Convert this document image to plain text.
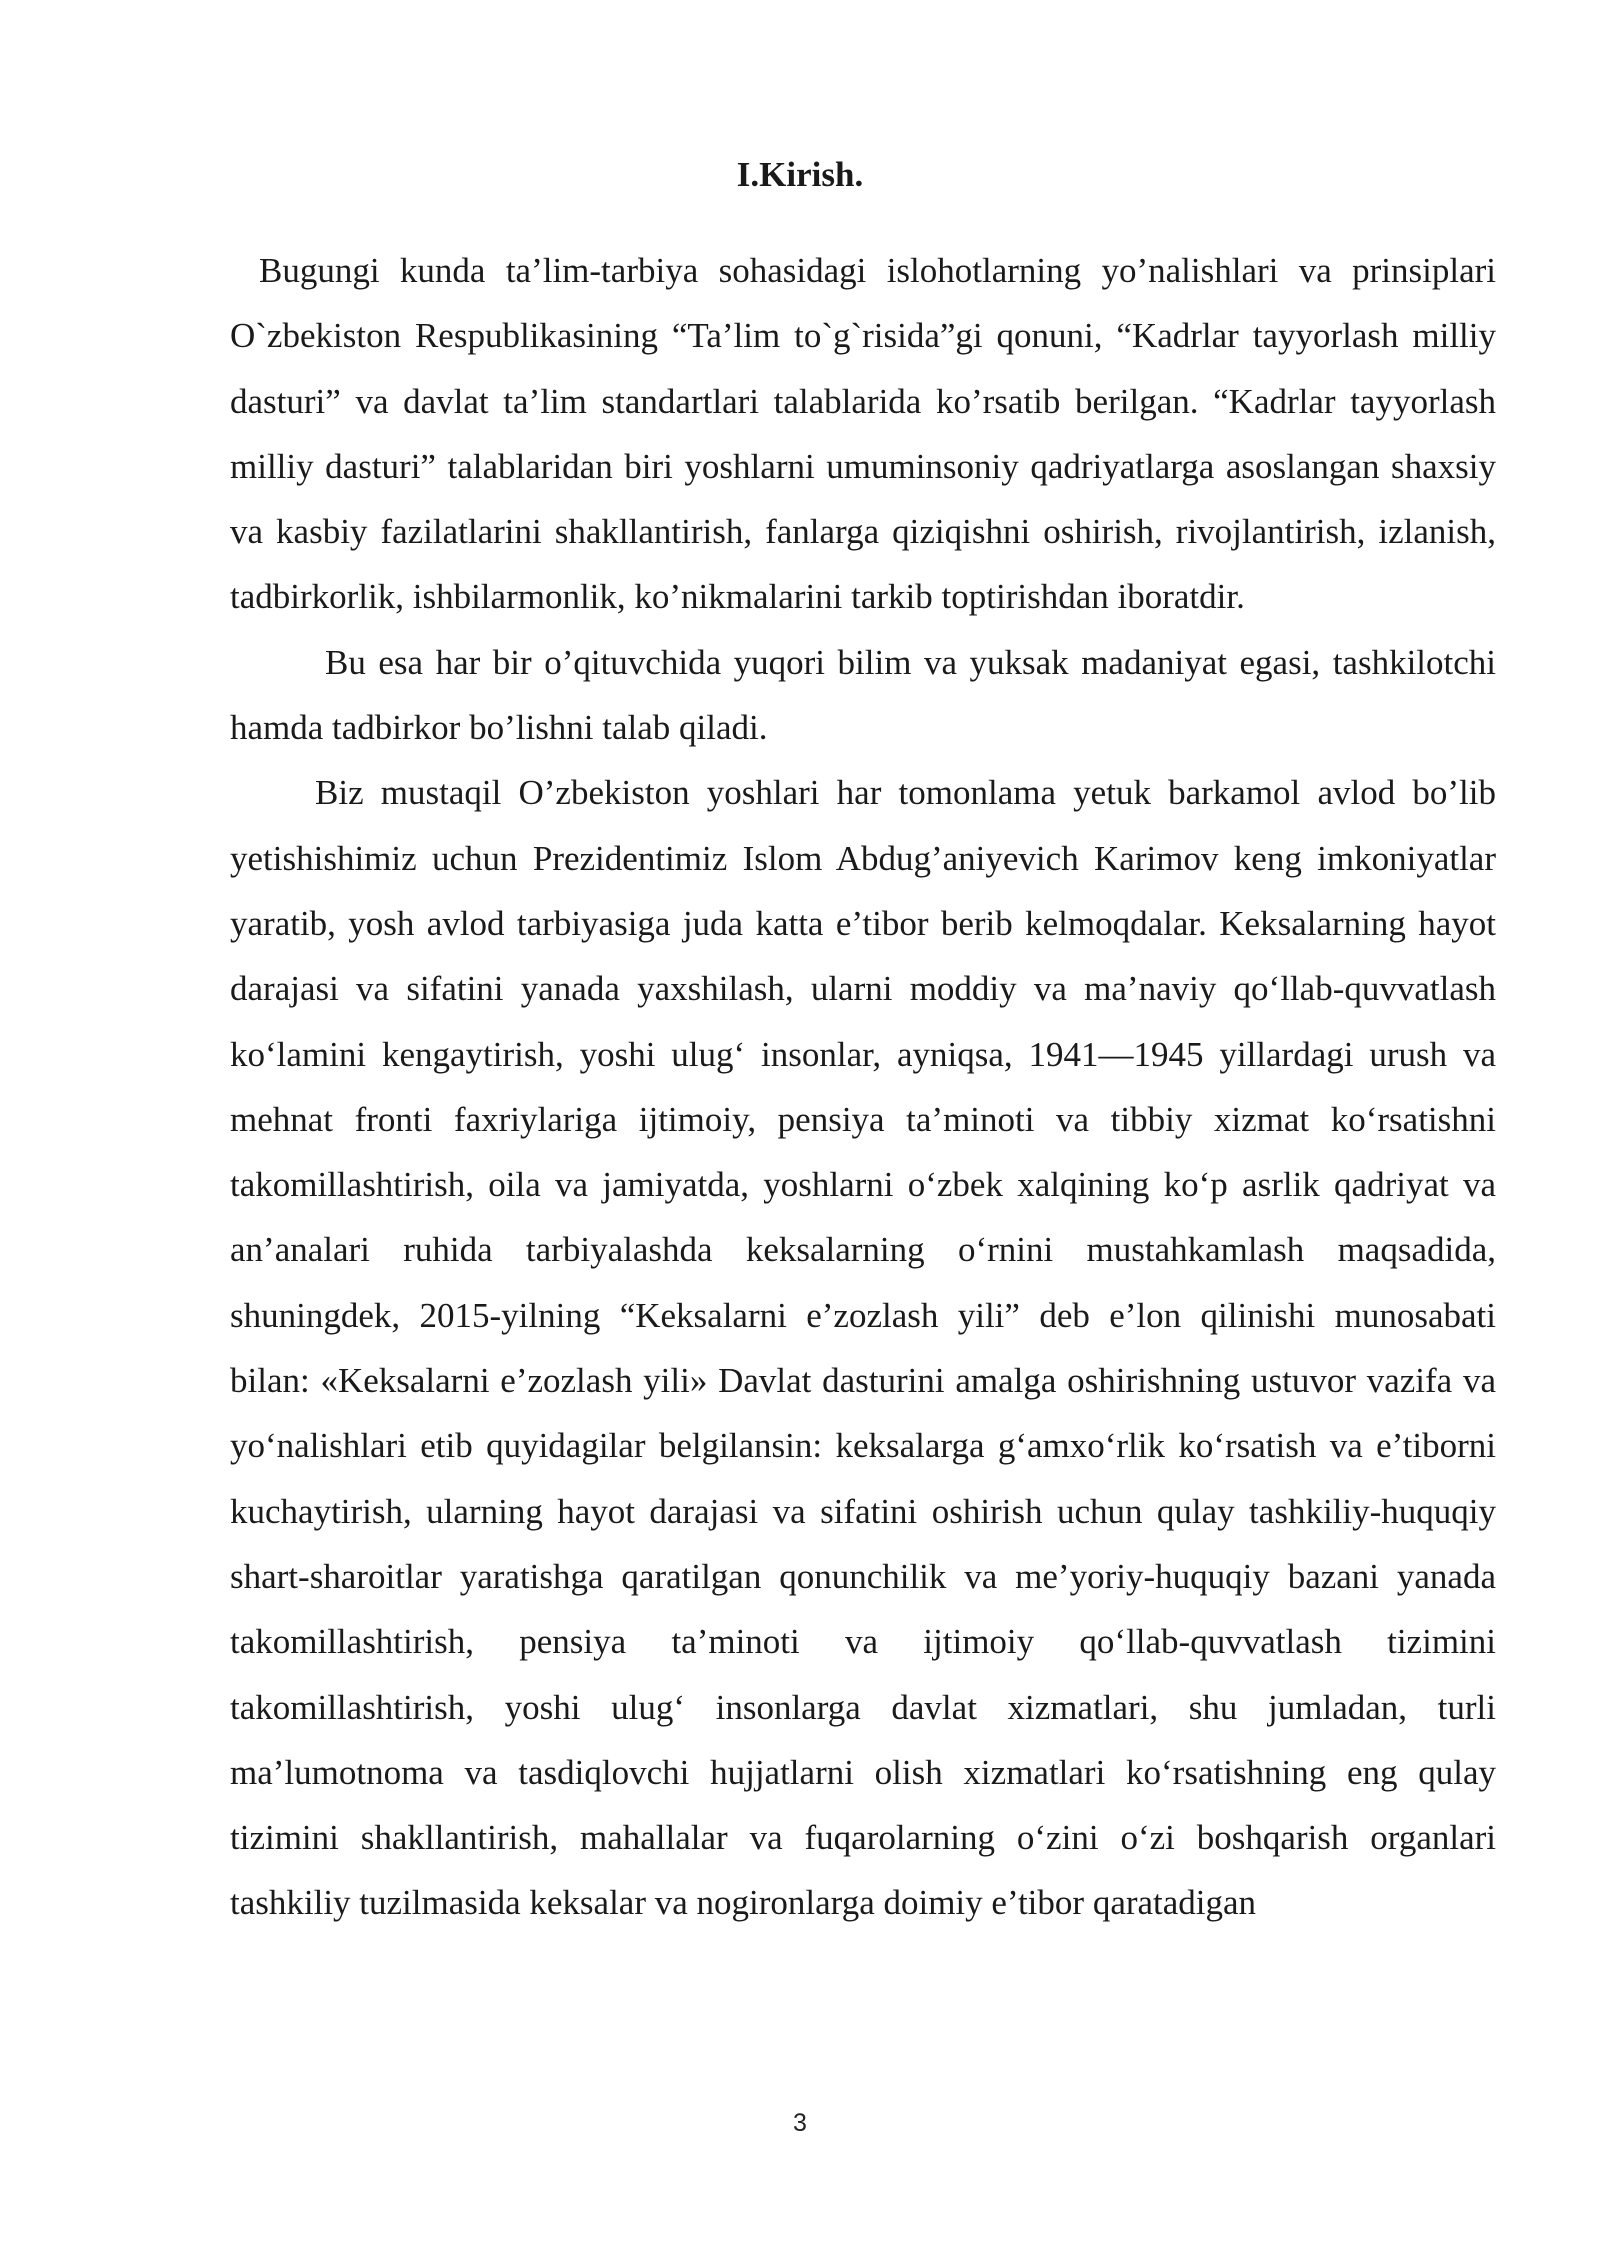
I.Kirish.

Bugungi kunda ta’lim-tarbiya sohasidagi islohotlarning yo’nalishlari va prinsiplari O`zbekiston Respublikasining “Ta’lim to`g`risida”gi qonuni, “Kadrlar tayyorlash milliy dasturi” va davlat ta’lim standartlari talablarida ko’rsatib berilgan. “Kadrlar tayyorlash milliy dasturi” talablaridan biri yoshlarni umuminsoniy qadriyatlarga asoslangan shaxsiy va kasbiy fazilatlarini shakllantirish, fanlarga qiziqishni oshirish, rivojlantirish, izlanish, tadbirkorlik, ishbilarmonlik, ko’nikmalarini tarkib toptirishdan iboratdir.

Bu esa har bir o’qituvchida yuqori bilim va yuksak madaniyat egasi, tashkilotchi hamda tadbirkor bo’lishni talab qiladi.

Biz mustaqil O’zbekiston yoshlari har tomonlama yetuk barkamol avlod bo’lib yetishishimiz uchun Prezidentimiz Islom Abdug’aniyevich Karimov keng imkoniyatlar yaratib, yosh avlod tarbiyasiga juda katta e’tibor berib kelmoqdalar. Keksalarning hayot darajasi va sifatini yanada yaxshilash, ularni moddiy va ma’naviy qo‘llab-quvvatlash ko‘lamini kengaytirish, yoshi ulug‘ insonlar, ayniqsa, 1941—1945 yillardagi urush va mehnat fronti faxriylariga ijtimoiy, pensiya ta’minoti va tibbiy xizmat ko‘rsatishni takomillashtirish, oila va jamiyatda, yoshlarni o‘zbek xalqining ko‘p asrlik qadriyat va an’analari ruhida tarbiyalashda keksalarning o‘rnini mustahkamlash maqsadida, shuningdek, 2015-yilning “Keksalarni e’zozlash yili” deb e’lon qilinishi munosabati bilan: «Keksalarni e’zozlash yili» Davlat dasturini amalga oshirishning ustuvor vazifa va yo‘nalishlari etib quyidagilar belgilansin: keksalarga g‘amxo‘rlik ko‘rsatish va e’tiborni kuchaytirish, ularning hayot darajasi va sifatini oshirish uchun qulay tashkiliy-huquqiy shart-sharoitlar yaratishga qaratilgan qonunchilik va me’yoriy-huquqiy bazani yanada takomillashtirish, pensiya ta’minoti va ijtimoiy qo‘llab-quvvatlash tizimini takomillashtirish, yoshi ulug‘ insonlarga davlat xizmatlari, shu jumladan, turli ma’lumotnoma va tasdiqlovchi hujjatlarni olish xizmatlari ko‘rsatishning eng qulay tizimini shakllantirish, mahallalar va fuqarolarning o‘zini o‘zi boshqarish organlari tashkiliy tuzilmasida keksalar va nogironlarga doimiy e’tibor qaratadigan

3
